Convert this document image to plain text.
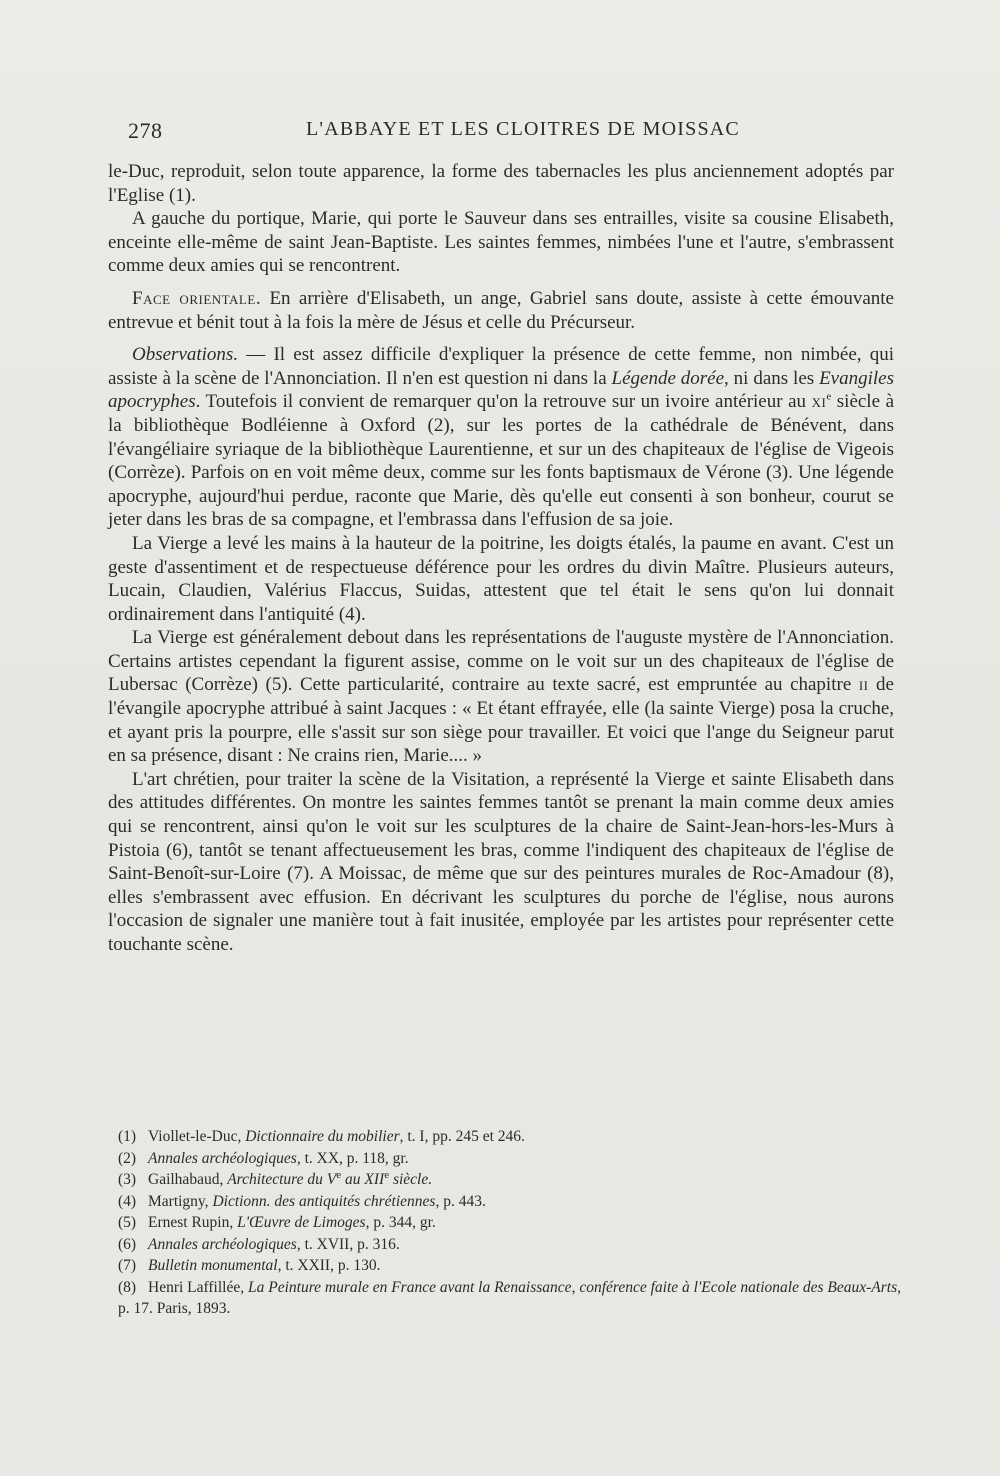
278	L'ABBAYE ET LES CLOITRES DE MOISSAC

le-Duc, reproduit, selon toute apparence, la forme des tabernacles les plus anciennement adoptés par l'Eglise (1).

A gauche du portique, Marie, qui porte le Sauveur dans ses entrailles, visite sa cousine Elisabeth, enceinte elle-même de saint Jean-Baptiste. Les saintes femmes, nimbées l'une et l'autre, s'embrassent comme deux amies qui se rencontrent.

Face orientale. En arrière d'Elisabeth, un ange, Gabriel sans doute, assiste à cette émouvante entrevue et bénit tout à la fois la mère de Jésus et celle du Précurseur.

Observations. — Il est assez difficile d'expliquer la présence de cette femme, non nimbée, qui assiste à la scène de l'Annonciation. Il n'en est question ni dans la Légende dorée, ni dans les Evangiles apocryphes. Toutefois il convient de remarquer qu'on la retrouve sur un ivoire antérieur au $xi^e$ siècle à la bibliothèque Bodléienne à Oxford (2), sur les portes de la cathédrale de Bénévent, dans l'évangéliaire syriaque de la bibliothèque Laurentienne, et sur un des chapiteaux de l'église de Vigeois (Corrèze). Parfois on en voit même deux, comme sur les fonts baptismaux de Vérone (3). Une légende apocryphe, aujourd'hui perdue, raconte que Marie, dès qu'elle eut consenti à son bonheur, courut se jeter dans les bras de sa compagne, et l'embrassa dans l'effusion de sa joie.

La Vierge a levé les mains à la hauteur de la poitrine, les doigts étalés, la paume en avant. C'est un geste d'assentiment et de respectueuse déférence pour les ordres du divin Maître. Plusieurs auteurs, Lucain, Claudien, Valérius Flaccus, Suidas, attestent que tel était le sens qu'on lui donnait ordinairement dans l'antiquité (4).

La Vierge est généralement debout dans les représentations de l'auguste mystère de l'Annonciation. Certains artistes cependant la figurent assise, comme on le voit sur un des chapiteaux de l'église de Lubersac (Corrèze) (5). Cette particularité, contraire au texte sacré, est empruntée au chapitre ii de l'évangile apocryphe attribué à saint Jacques : « Et étant effrayée, elle (la sainte Vierge) posa la cruche, et ayant pris la pourpre, elle s'assit sur son siège pour travailler. Et voici que l'ange du Seigneur parut en sa présence, disant : Ne crains rien, Marie.... »

L'art chrétien, pour traiter la scène de la Visitation, a représenté la Vierge et sainte Elisabeth dans des attitudes différentes. On montre les saintes femmes tantôt se prenant la main comme deux amies qui se rencontrent, ainsi qu'on le voit sur les sculptures de la chaire de Saint-Jean-hors-les-Murs à Pistoia (6), tantôt se tenant affectueusement les bras, comme l'indiquent des chapiteaux de l'église de Saint-Benoît-sur-Loire (7). A Moissac, de même que sur des peintures murales de Roc-Amadour (8), elles s'embrassent avec effusion. En décrivant les sculptures du porche de l'église, nous aurons l'occasion de signaler une manière tout à fait inusitée, employée par les artistes pour représenter cette touchante scène.

(1) Viollet-le-Duc, Dictionnaire du mobilier, t. I, pp. 245 et 246.
(2) Annales archéologiques, t. XX, p. 118, gr.
(3) Gailhabaud, Architecture du Ve au XIIe siècle.
(4) Martigny, Dictionn. des antiquités chrétiennes, p. 443.
(5) Ernest Rupin, L'Œuvre de Limoges, p. 344, gr.
(6) Annales archéologiques, t. XVII, p. 316.
(7) Bulletin monumental, t. XXII, p. 130.
(8) Henri Laffillée, La Peinture murale en France avant la Renaissance, conférence faite à l'Ecole nationale des Beaux-Arts, p. 17. Paris, 1893.
